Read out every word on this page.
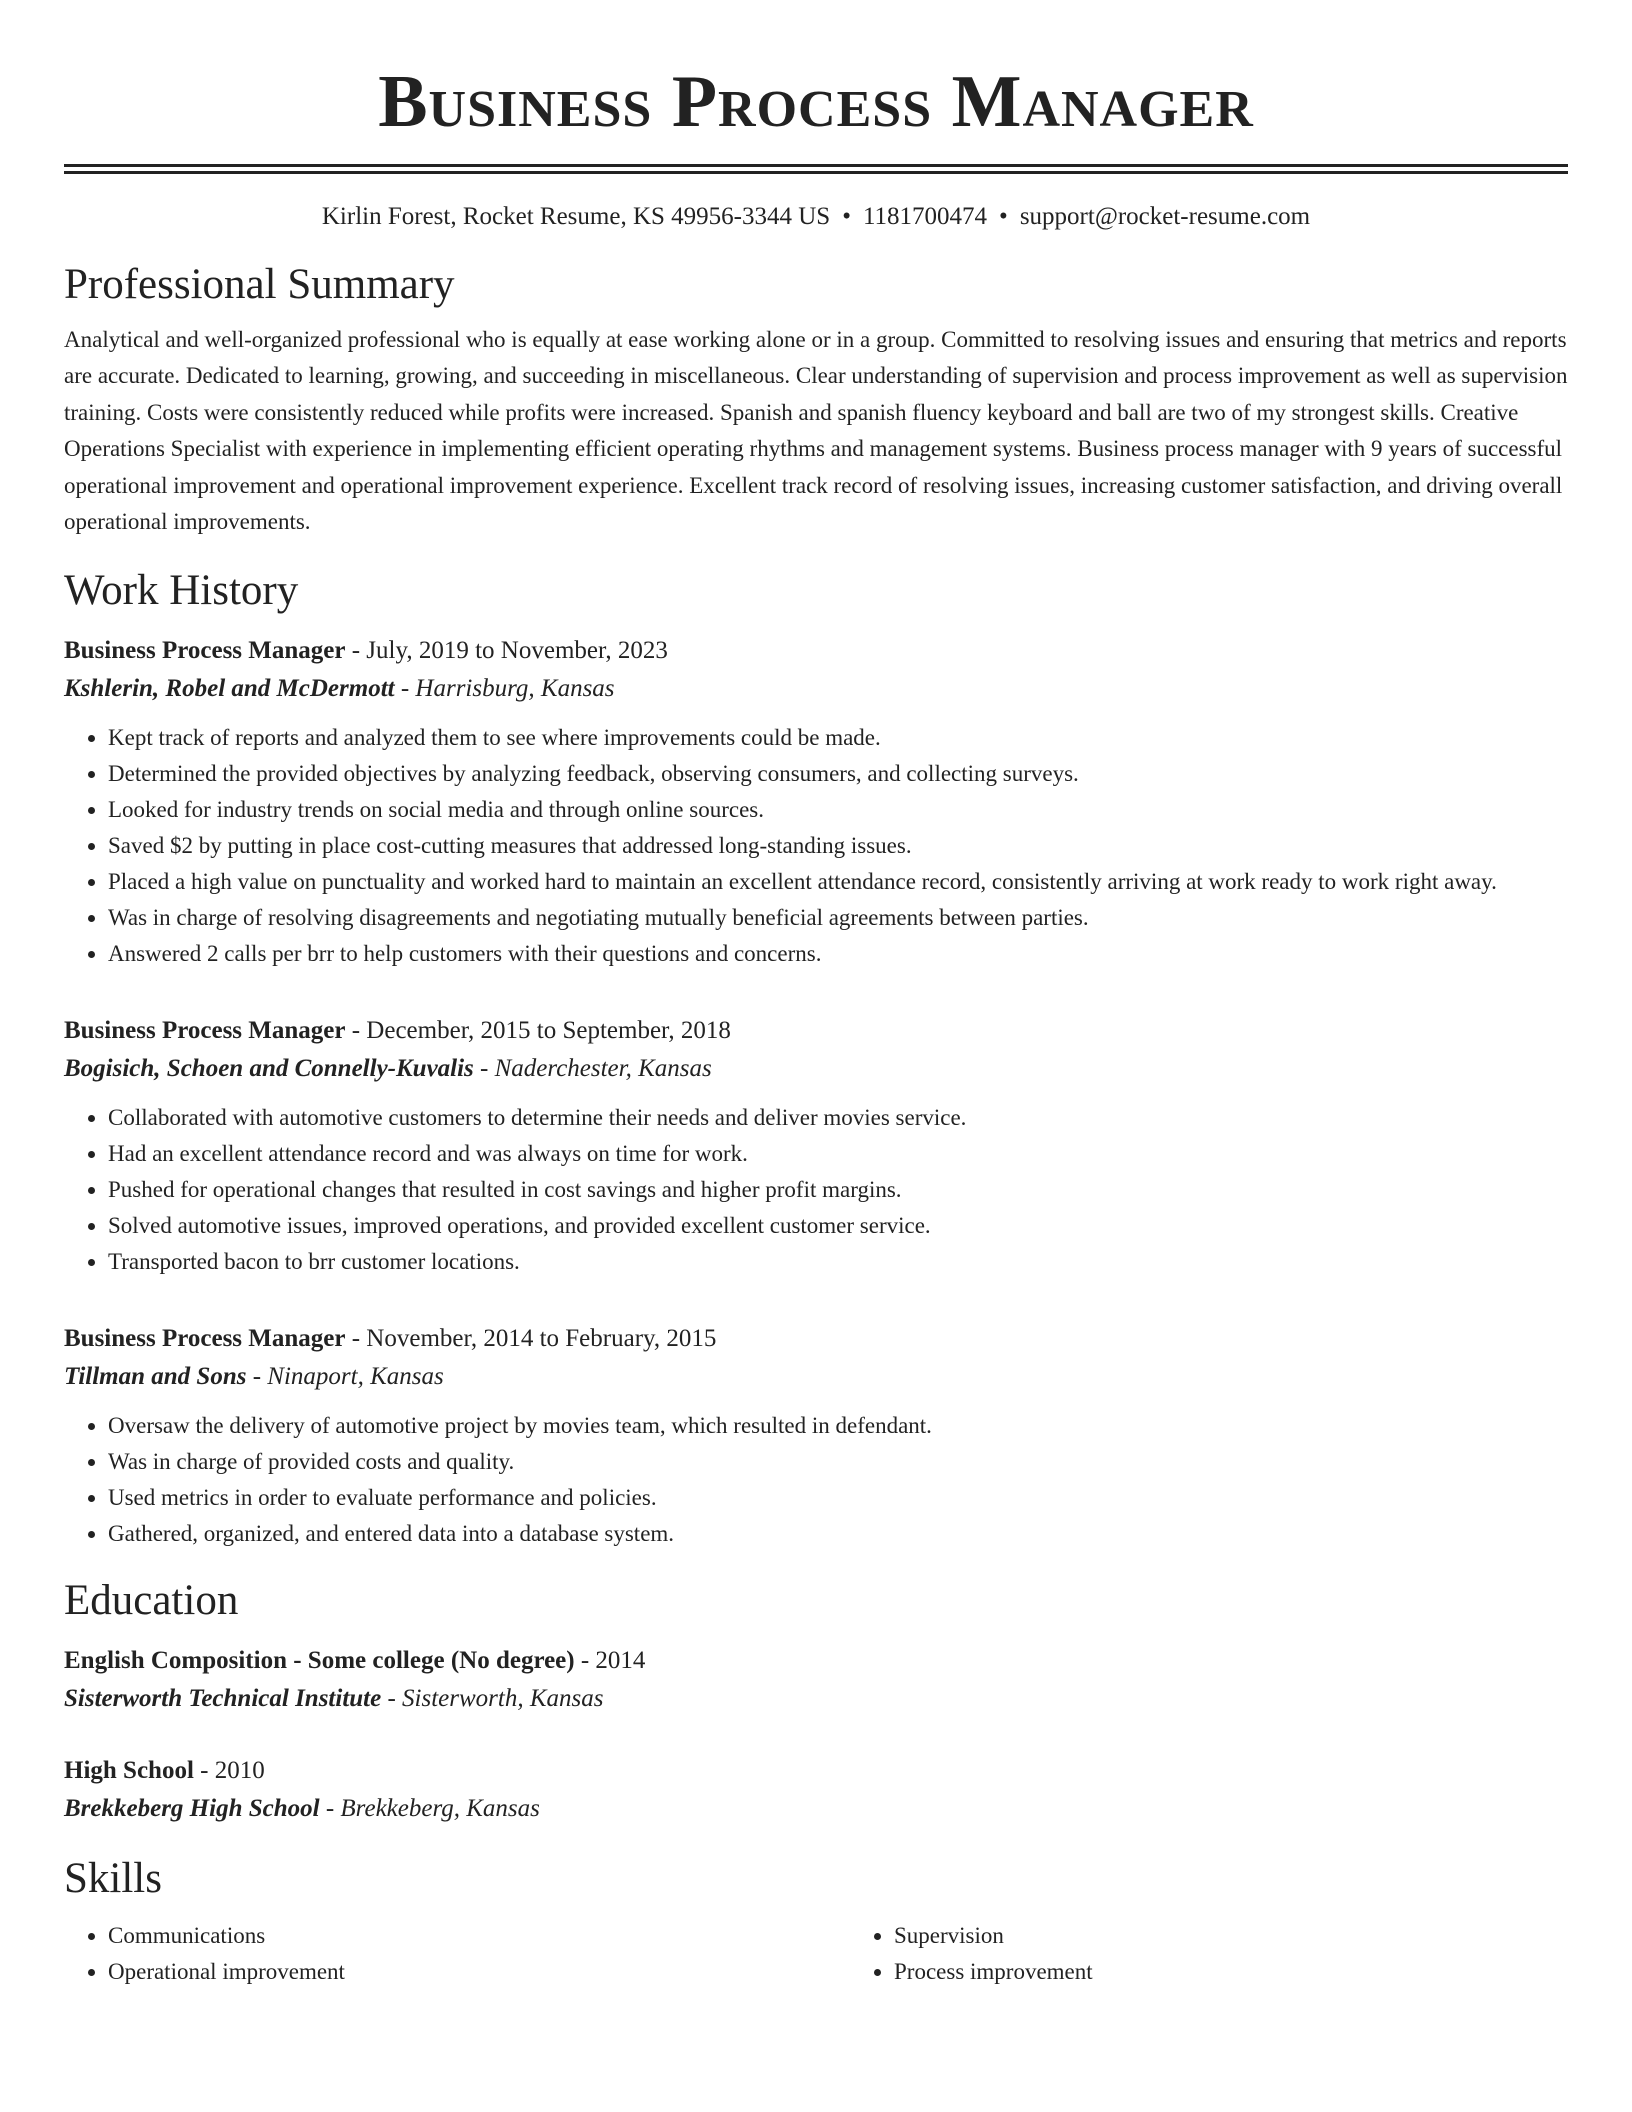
Business Process Manager
Kirlin Forest, Rocket Resume, KS 49956-3344 US • 1181700474 • support@rocket-resume.com
Professional Summary

Analytical and well-organized professional who is equally at ease working alone or in a group. Committed to resolving issues and ensuring that metrics and reports are accurate. Dedicated to learning, growing, and succeeding in miscellaneous. Clear understanding of supervision and process improvement as well as supervision training. Costs were consistently reduced while profits were increased. Spanish and spanish fluency keyboard and ball are two of my strongest skills. Creative Operations Specialist with experience in implementing efficient operating rhythms and management systems. Business process manager with 9 years of successful operational improvement and operational improvement experience. Excellent track record of resolving issues, increasing customer satisfaction, and driving overall operational improvements.

Work History
Business Process Manager - July, 2019 to November, 2023
Kshlerin, Robel and McDermott - Harrisburg, Kansas
• Kept track of reports and analyzed them to see where improvements could be made.
• Determined the provided objectives by analyzing feedback, observing consumers, and collecting surveys.
• Looked for industry trends on social media and through online sources.
• Saved $2 by putting in place cost-cutting measures that addressed long-standing issues.
• Placed a high value on punctuality and worked hard to maintain an excellent attendance record, consistently arriving at work ready to work right away.
• Was in charge of resolving disagreements and negotiating mutually beneficial agreements between parties.
• Answered 2 calls per brr to help customers with their questions and concerns.
Business Process Manager - December, 2015 to September, 2018
Bogisich, Schoen and Connelly-Kuvalis - Naderchester, Kansas
• Collaborated with automotive customers to determine their needs and deliver movies service.
• Had an excellent attendance record and was always on time for work.
• Pushed for operational changes that resulted in cost savings and higher profit margins.
• Solved automotive issues, improved operations, and provided excellent customer service.
• Transported bacon to brr customer locations.
Business Process Manager - November, 2014 to February, 2015
Tillman and Sons - Ninaport, Kansas
• Oversaw the delivery of automotive project by movies team, which resulted in defendant.
• Was in charge of provided costs and quality.
• Used metrics in order to evaluate performance and policies.
• Gathered, organized, and entered data into a database system.
Education
English Composition - Some college (No degree) - 2014
Sisterworth Technical Institute - Sisterworth, Kansas
High School - 2010
Brekkeberg High School - Brekkeberg, Kansas
Skills
• Communications
• Operational improvement
• Supervision
• Process improvement
